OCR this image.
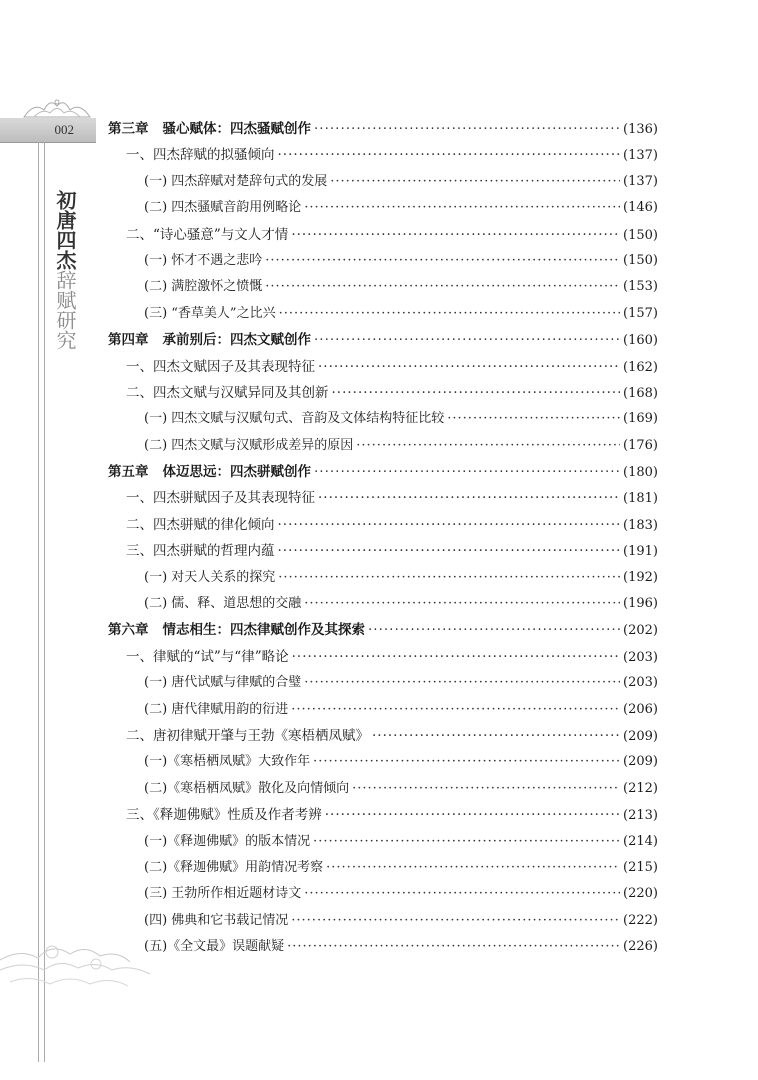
002
初唐四杰辞赋研究
第三章 骚心赋体：四杰骚赋创作 ·····	(136)
一、四杰辞赋的拟骚倾向 ·····	(137)
(一) 四杰辞赋对楚辞句式的发展 ·····	(137)
(二) 四杰骚赋音韵用例略论 ·····	(146)
二、“诗心骚意”与文人才情 ·····	(150)
(一) 怀才不遇之悲吟 ·····	(150)
(二) 满腔激怀之愤慨 ·····	(153)
(三) “香草美人”之比兴 ·····	(157)
第四章 承前别后：四杰文赋创作 ·····	(160)
一、四杰文赋因子及其表现特征 ·····	(162)
二、四杰文赋与汉赋异同及其创新 ·····	(168)
(一) 四杰文赋与汉赋句式、音韵及文体结构特征比较 ·····	(169)
(二) 四杰文赋与汉赋形成差异的原因 ·····	(176)
第五章 体迈思远：四杰骈赋创作 ·····	(180)
一、四杰骈赋因子及其表现特征 ·····	(181)
二、四杰骈赋的律化倾向 ·····	(183)
三、四杰骈赋的哲理内蕴 ·····	(191)
(一) 对天人关系的探究 ·····	(192)
(二) 儒、释、道思想的交融 ·····	(196)
第六章 情志相生：四杰律赋创作及其探索 ·····	(202)
一、律赋的“试”与“律”略论 ·····	(203)
(一) 唐代试赋与律赋的合璧 ·····	(203)
(二) 唐代律赋用韵的衍进 ·····	(206)
二、唐初律赋开肇与王勃《寒梧栖凤赋》 ·····	(209)
(一)《寒梧栖凤赋》大致作年 ·····	(209)
(二)《寒梧栖凤赋》散化及向情倾向 ·····	(212)
三、《释迦佛赋》性质及作者考辨 ·····	(213)
(一)《释迦佛赋》的版本情况 ·····	(214)
(二)《释迦佛赋》用韵情况考察 ·····	(215)
(三) 王勃所作相近题材诗文 ·····	(220)
(四) 佛典和它书载记情况 ·····	(222)
(五)《全文最》误题献疑 ·····	(226)
